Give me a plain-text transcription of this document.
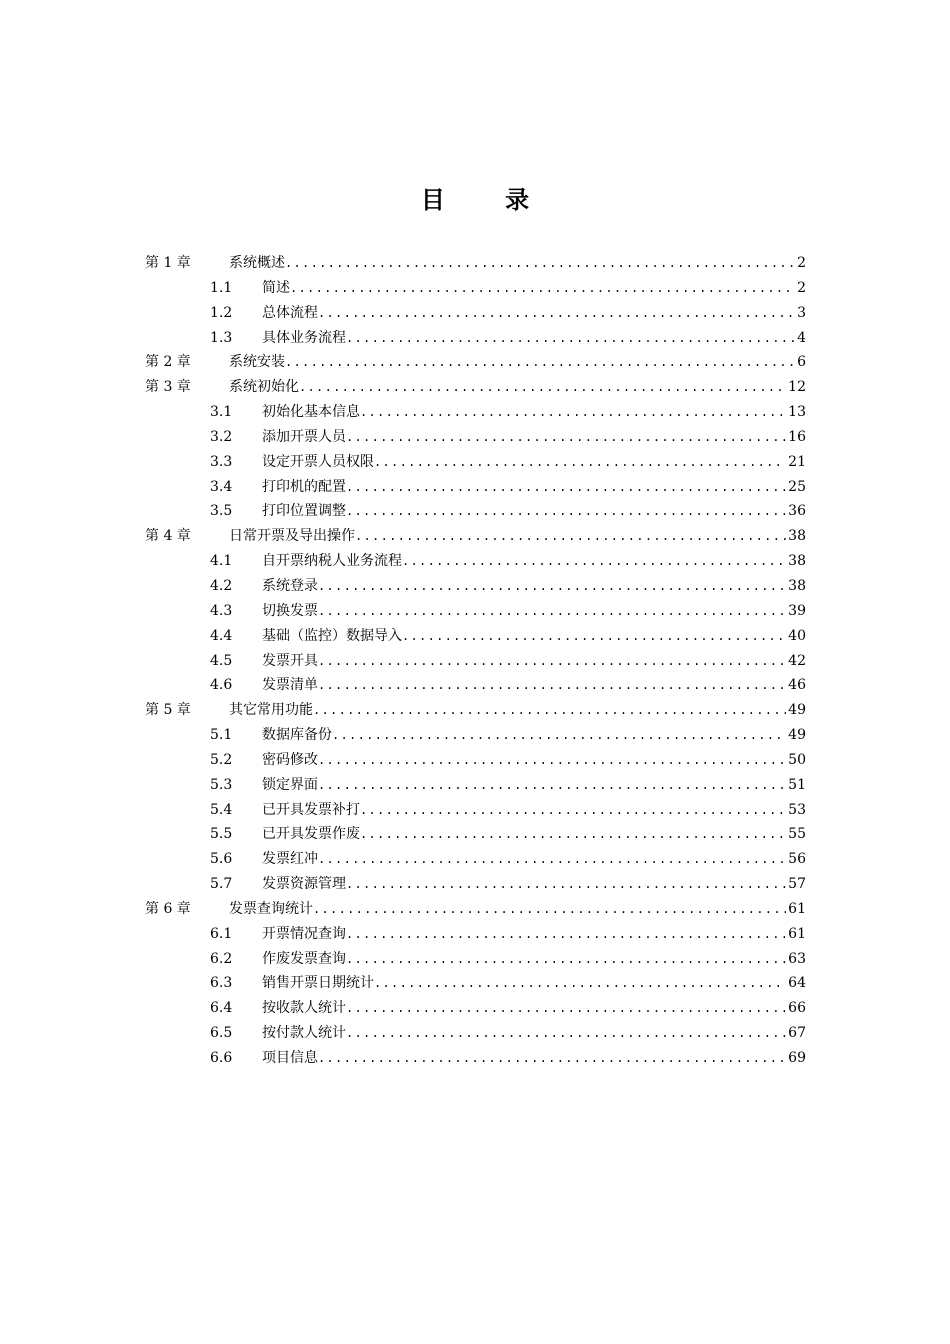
目 录
第 1 章	系统概述 .....	2
1.1 简述 .....	2
1.2 总体流程 .....	3
1.3 具体业务流程 .....	4
第 2 章	系统安装 .....	6
第 3 章	系统初始化 .....	12
3.1 初始化基本信息 .....	13
3.2 添加开票人员 .....	16
3.3 设定开票人员权限 .....	21
3.4 打印机的配置 .....	25
3.5 打印位置调整 .....	36
第 4 章	日常开票及导出操作 .....	38
4.1 自开票纳税人业务流程 .....	38
4.2 系统登录 .....	38
4.3 切换发票 .....	39
4.4 基础（监控）数据导入 .....	40
4.5 发票开具 .....	42
4.6 发票清单 .....	46
第 5 章	其它常用功能 .....	49
5.1 数据库备份 .....	49
5.2 密码修改 .....	50
5.3 锁定界面 .....	51
5.4 已开具发票补打 .....	53
5.5 已开具发票作废 .....	55
5.6 发票红冲 .....	56
5.7 发票资源管理 .....	57
第 6 章	发票查询统计 .....	61
6.1 开票情况查询 .....	61
6.2 作废发票查询 .....	63
6.3 销售开票日期统计 .....	64
6.4 按收款人统计 .....	66
6.5 按付款人统计 .....	67
6.6 项目信息 .....	69
